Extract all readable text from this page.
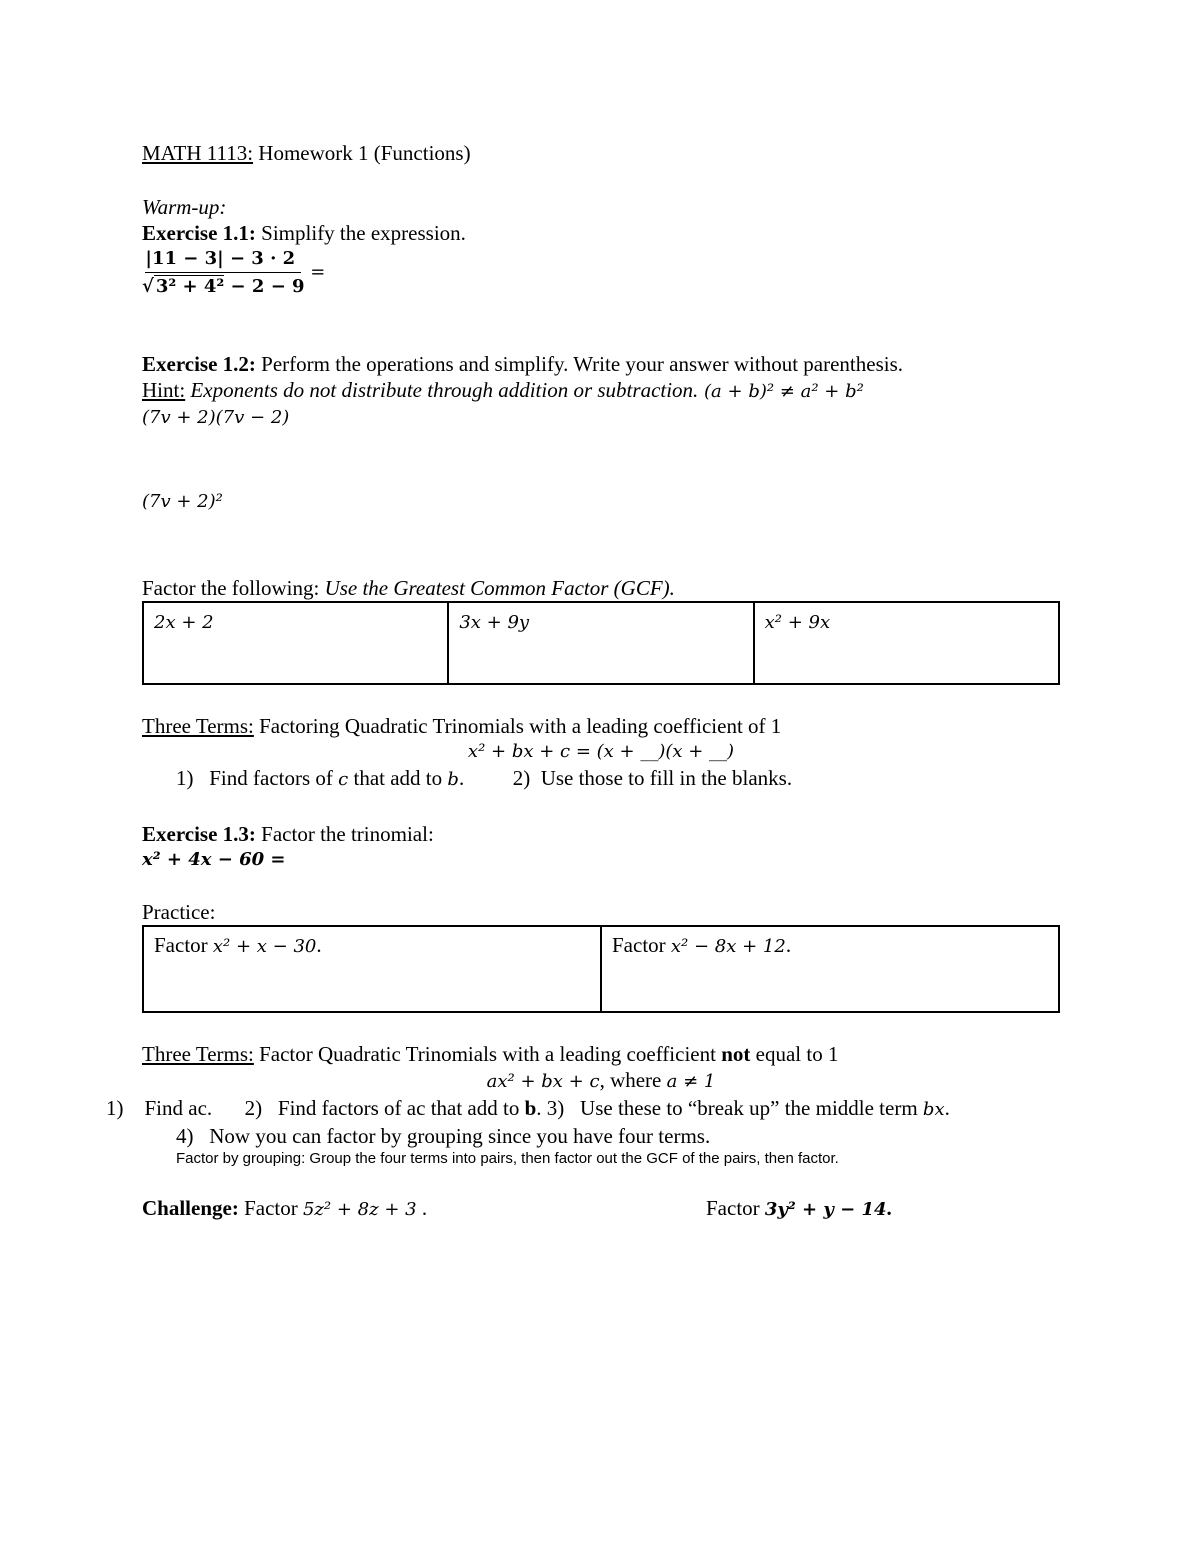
MATH 1113: Homework 1 (Functions)
Warm-up:
Exercise 1.1: Simplify the expression.
$\frac{|11 - 3| - 3 \cdot 2}{\text{√ 3² + 4² − 2 − 9}}$ =
Exercise 1.2: Perform the operations and simplify. Write your answer without parenthesis.
Hint: Exponents do not distribute through addition or subtraction. (a + b)² ≠ a² + b²
(7v + 2)(7v − 2)
(7v + 2)²
Factor the following: Use the Greatest Common Factor (GCF).
2x + 2	3x + 9y	x² + 9x
Three Terms: Factoring Quadratic Trinomials with a leading coefficient of 1
x² + bx + c = (x + __)(x + __)
1) Find factors of c that add to b. 2) Use those to fill in the blanks.
Exercise 1.3: Factor the trinomial:
x² + 4x − 60 =
Practice:
Factor x² + x − 30.	Factor x² − 8x + 12.
Three Terms: Factor Quadratic Trinomials with a leading coefficient not equal to 1
ax² + bx + c, where a ≠ 1
1) Find ac. 2) Find factors of ac that add to b. 3) Use these to “break up” the middle term bx.
4) Now you can factor by grouping since you have four terms.
Factor by grouping: Group the four terms into pairs, then factor out the GCF of the pairs, then factor.
Challenge: Factor 5z² + 8z + 3 .	Factor 3y² + y − 14.
